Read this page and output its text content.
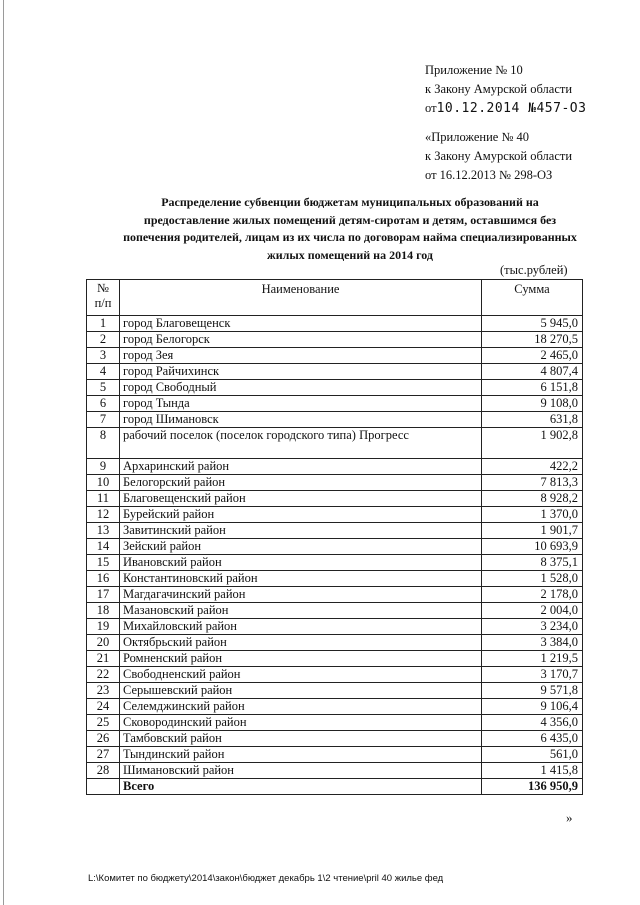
Приложение № 10
к Закону Амурской области
от10.12.2014 №457-ОЗ
«Приложение № 40
к Закону Амурской области
от 16.12.2013 № 298-ОЗ
Распределение субвенции бюджетам муниципальных образований на
предоставление жилых помещений детям-сиротам и детям, оставшимся без
попечения родителей, лицам из их числа по договорам найма специализированных
жилых помещений на 2014 год
(тыс.рублей)
№
п/п	Наименование	Сумма
1	город Благовещенск	5 945,0
2	город Белогорск	18 270,5
3	город Зея	2 465,0
4	город Райчихинск	4 807,4
5	город Свободный	6 151,8
6	город Тында	9 108,0
7	город Шимановск	631,8
8	рабочий поселок (поселок городского типа) Прогресс	1 902,8
9	Архаринский район	422,2
10	Белогорский район	7 813,3
11	Благовещенский район	8 928,2
12	Бурейский район	1 370,0
13	Завитинский район	1 901,7
14	Зейский район	10 693,9
15	Ивановский район	8 375,1
16	Константиновский район	1 528,0
17	Магдагачинский район	2 178,0
18	Мазановский район	2 004,0
19	Михайловский район	3 234,0
20	Октябрьский район	3 384,0
21	Ромненский район	1 219,5
22	Свободненский район	3 170,7
23	Серышевский район	9 571,8
24	Селемджинский район	9 106,4
25	Сковородинский район	4 356,0
26	Тамбовский район	6 435,0
27	Тындинский район	561,0
28	Шимановский район	1 415,8
	Всего	136 950,9
»
L:\Комитет по бюджету\2014\закон\бюджет декабрь 1\2 чтение\pril 40 жилье фед
